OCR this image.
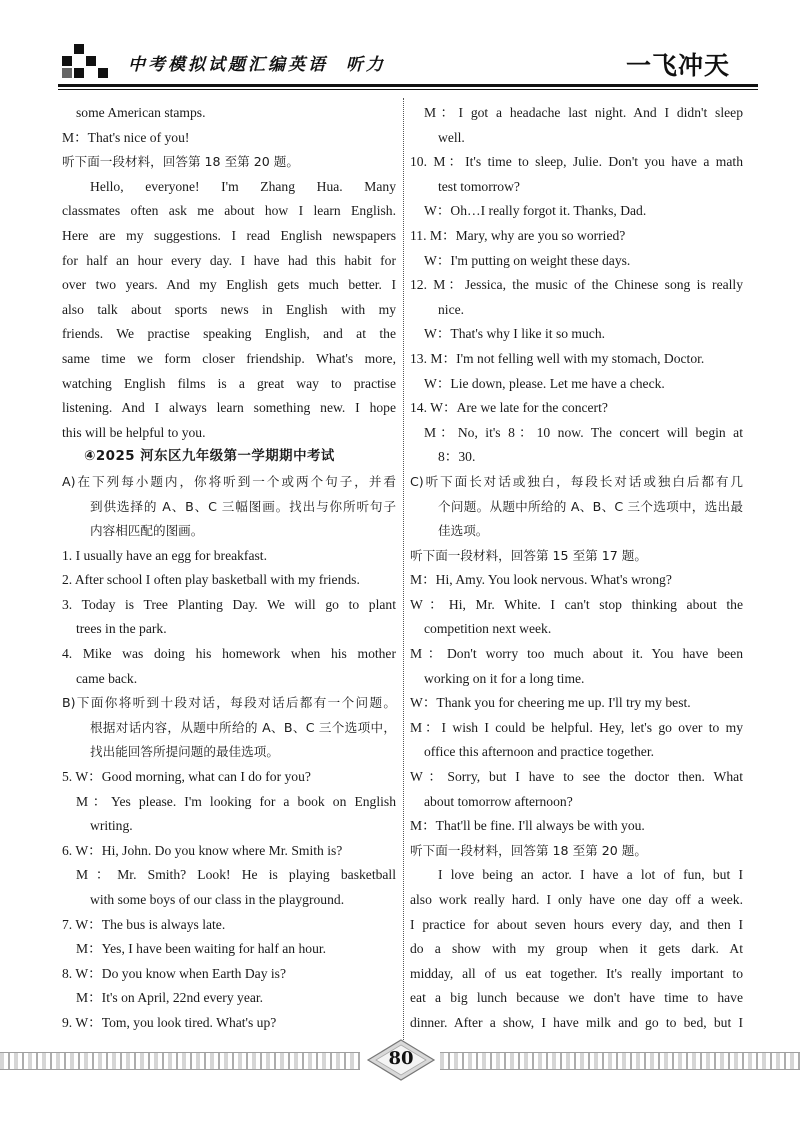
中考模拟试题汇编英语  听力	一飞冲天

some American stamps.

M：That's nice of you!

听下面一段材料，回答第 18 至第 20 题。

Hello, everyone! I'm Zhang Hua. Many

classmates often ask me about how I learn English.

Here are my suggestions. I read English newspapers

for half an hour every day. I have had this habit for

over two years. And my English gets much better. I

also talk about sports news in English with my

friends. We practise speaking English, and at the

same time we form closer friendship. What's more,

watching English films is a great way to practise

listening. And I always learn something new. I hope

this will be helpful to you.

④2025 河东区九年级第一学期期中考试

A)在下列每小题内，你将听到一个或两个句子，并看

到供选择的 A、B、C 三幅图画。找出与你所听句子

内容相匹配的图画。

1. I usually have an egg for breakfast.

2. After school I often play basketball with my friends.

3. Today is Tree Planting Day. We will go to plant

trees in the park.

4. Mike was doing his homework when his mother

came back.

B)下面你将听到十段对话，每段对话后都有一个问题。

根据对话内容，从题中所给的 A、B、C 三个选项中，

找出能回答所提问题的最佳选项。

5. W：Good morning, what can I do for you?

M：Yes please. I'm looking for a book on English

writing.

6. W：Hi, John. Do you know where Mr. Smith is?

M：Mr. Smith? Look! He is playing basketball

with some boys of our class in the playground.

7. W：The bus is always late.

M：Yes, I have been waiting for half an hour.

8. W：Do you know when Earth Day is?

M：It's on April, 22nd every year.

9. W：Tom, you look tired. What's up?

M：I got a headache last night. And I didn't sleep

well.

10. M：It's time to sleep, Julie. Don't you have a math

test tomorrow?

W：Oh…I really forgot it. Thanks, Dad.

11. M：Mary, why are you so worried?

W：I'm putting on weight these days.

12. M：Jessica, the music of the Chinese song is really

nice.

W：That's why I like it so much.

13. M：I'm not felling well with my stomach, Doctor.

W：Lie down, please. Let me have a check.

14. W：Are we late for the concert?

M：No, it's 8：10 now. The concert will begin at

8：30.

C)听下面长对话或独白，每段长对话或独白后都有几

个问题。从题中所给的 A、B、C 三个选项中，选出最

佳选项。

听下面一段材料，回答第 15 至第 17 题。

M：Hi, Amy. You look nervous. What's wrong?

W：Hi, Mr. White. I can't stop thinking about the

competition next week.

M：Don't worry too much about it. You have been

working on it for a long time.

W：Thank you for cheering me up. I'll try my best.

M：I wish I could be helpful. Hey, let's go over to my

office this afternoon and practice together.

W：Sorry, but I have to see the doctor then. What

about tomorrow afternoon?

M：That'll be fine. I'll always be with you.

听下面一段材料，回答第 18 至第 20 题。

I love being an actor. I have a lot of fun, but I

also work really hard. I only have one day off a week.

I practice for about seven hours every day, and then I

do a show with my group when it gets dark. At

midday, all of us eat together. It's really important to

eat a big lunch because we don't have time to have

dinner. After a show, I have milk and go to bed, but I

80
